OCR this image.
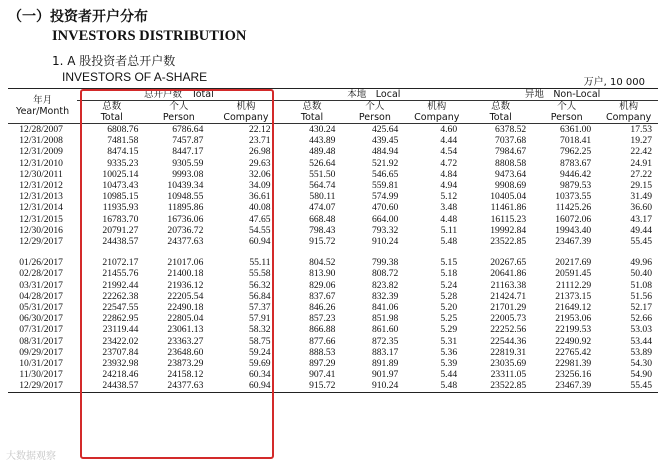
（一）投资者开户分布
INVESTORS DISTRIBUTION
1. A 股投资者总开户数
INVESTORS OF A-SHARE	万户, 10 000
年月
Year/Month	总开户数　Total			本地　Local			异地　Non-Local		
	总数	个人	机构	总数	个人	机构	总数	个人	机构
	Total	Person	Company	Total	Person	Company	Total	Person	Company
12/28/2007	6808.76	6786.64	22.12	430.24	425.64	4.60	6378.52	6361.00	17.53
12/31/2008	7481.58	7457.87	23.71	443.89	439.45	4.44	7037.68	7018.41	19.27
12/31/2009	8474.15	8447.17	26.98	489.48	484.94	4.54	7984.67	7962.25	22.42
12/31/2010	9335.23	9305.59	29.63	526.64	521.92	4.72	8808.58	8783.67	24.91
12/30/2011	10025.14	9993.08	32.06	551.50	546.65	4.84	9473.64	9446.42	27.22
12/31/2012	10473.43	10439.34	34.09	564.74	559.81	4.94	9908.69	9879.53	29.15
12/31/2013	10985.15	10948.55	36.61	580.11	574.99	5.12	10405.04	10373.55	31.49
12/31/2014	11935.93	11895.86	40.08	474.07	470.60	3.48	11461.86	11425.26	36.60
12/31/2015	16783.70	16736.06	47.65	668.48	664.00	4.48	16115.23	16072.06	43.17
12/30/2016	20791.27	20736.72	54.55	798.43	793.32	5.11	19992.84	19943.40	49.44
12/29/2017	24438.57	24377.63	60.94	915.72	910.24	5.48	23522.85	23467.39	55.45

01/26/2017	21072.17	21017.06	55.11	804.52	799.38	5.15	20267.65	20217.69	49.96
02/28/2017	21455.76	21400.18	55.58	813.90	808.72	5.18	20641.86	20591.45	50.40
03/31/2017	21992.44	21936.12	56.32	829.06	823.82	5.24	21163.38	21112.29	51.08
04/28/2017	22262.38	22205.54	56.84	837.67	832.39	5.28	21424.71	21373.15	51.56
05/31/2017	22547.55	22490.18	57.37	846.26	841.06	5.20	21701.29	21649.12	52.17
06/30/2017	22862.95	22805.04	57.91	857.23	851.98	5.25	22005.73	21953.06	52.66
07/31/2017	23119.44	23061.13	58.32	866.88	861.60	5.29	22252.56	22199.53	53.03
08/31/2017	23422.02	23363.27	58.75	877.66	872.35	5.31	22544.36	22490.92	53.44
09/29/2017	23707.84	23648.60	59.24	888.53	883.17	5.36	22819.31	22765.42	53.89
10/31/2017	23932.98	23873.29	59.69	897.29	891.89	5.39	23035.69	22981.39	54.30
11/30/2017	24218.46	24158.12	60.34	907.41	901.97	5.44	23311.05	23256.16	54.90
12/29/2017	24438.57	24377.63	60.94	915.72	910.24	5.48	23522.85	23467.39	55.45
大数据观察
